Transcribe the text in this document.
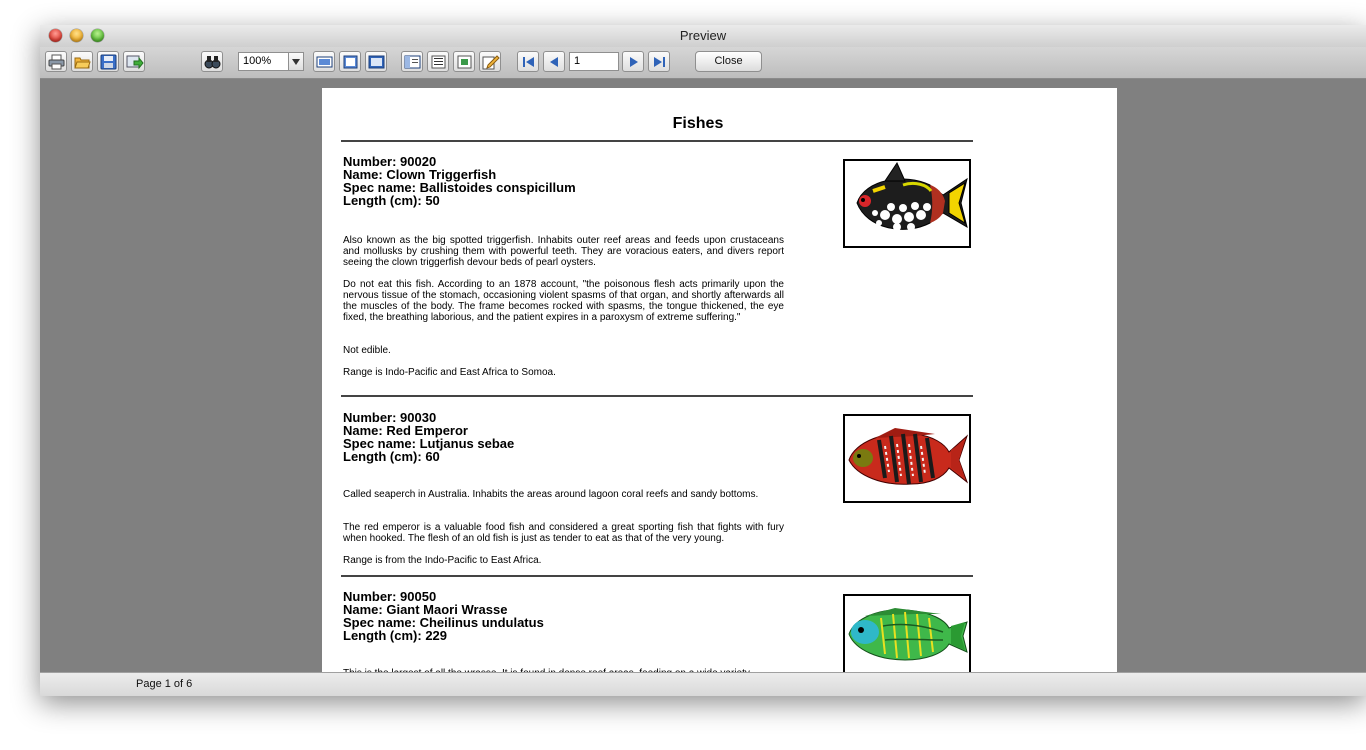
Preview
100%	1	Close
Fishes
Number: 90020
Name: Clown Triggerfish
Spec name: Ballistoides conspicillum
Length (cm): 50
Also known as the big spotted triggerfish. Inhabits outer reef areas and feeds upon crustaceans and mollusks by crushing them with powerful teeth. They are voracious eaters, and divers report seeing the clown triggerfish devour beds of pearl oysters.
Do not eat this fish. According to an 1878 account, "the poisonous flesh acts primarily upon the nervous tissue of the stomach, occasioning violent spasms of that organ, and shortly afterwards all the muscles of the body. The frame becomes rocked with spasms, the tongue thickened, the eye fixed, the breathing laborious, and the patient expires in a paroxysm of extreme suffering."
Not edible.
Range is Indo-Pacific and East Africa to Somoa.
Number: 90030
Name: Red Emperor
Spec name: Lutjanus sebae
Length (cm): 60
Called seaperch in Australia. Inhabits the areas around lagoon coral reefs and sandy bottoms.
The red emperor is a valuable food fish and considered a great sporting fish that fights with fury when hooked. The flesh of an old fish is just as tender to eat as that of the very young.
Range is from the Indo-Pacific to East Africa.
Number: 90050
Name: Giant Maori Wrasse
Spec name: Cheilinus undulatus
Length (cm): 229
Page 1 of 6
